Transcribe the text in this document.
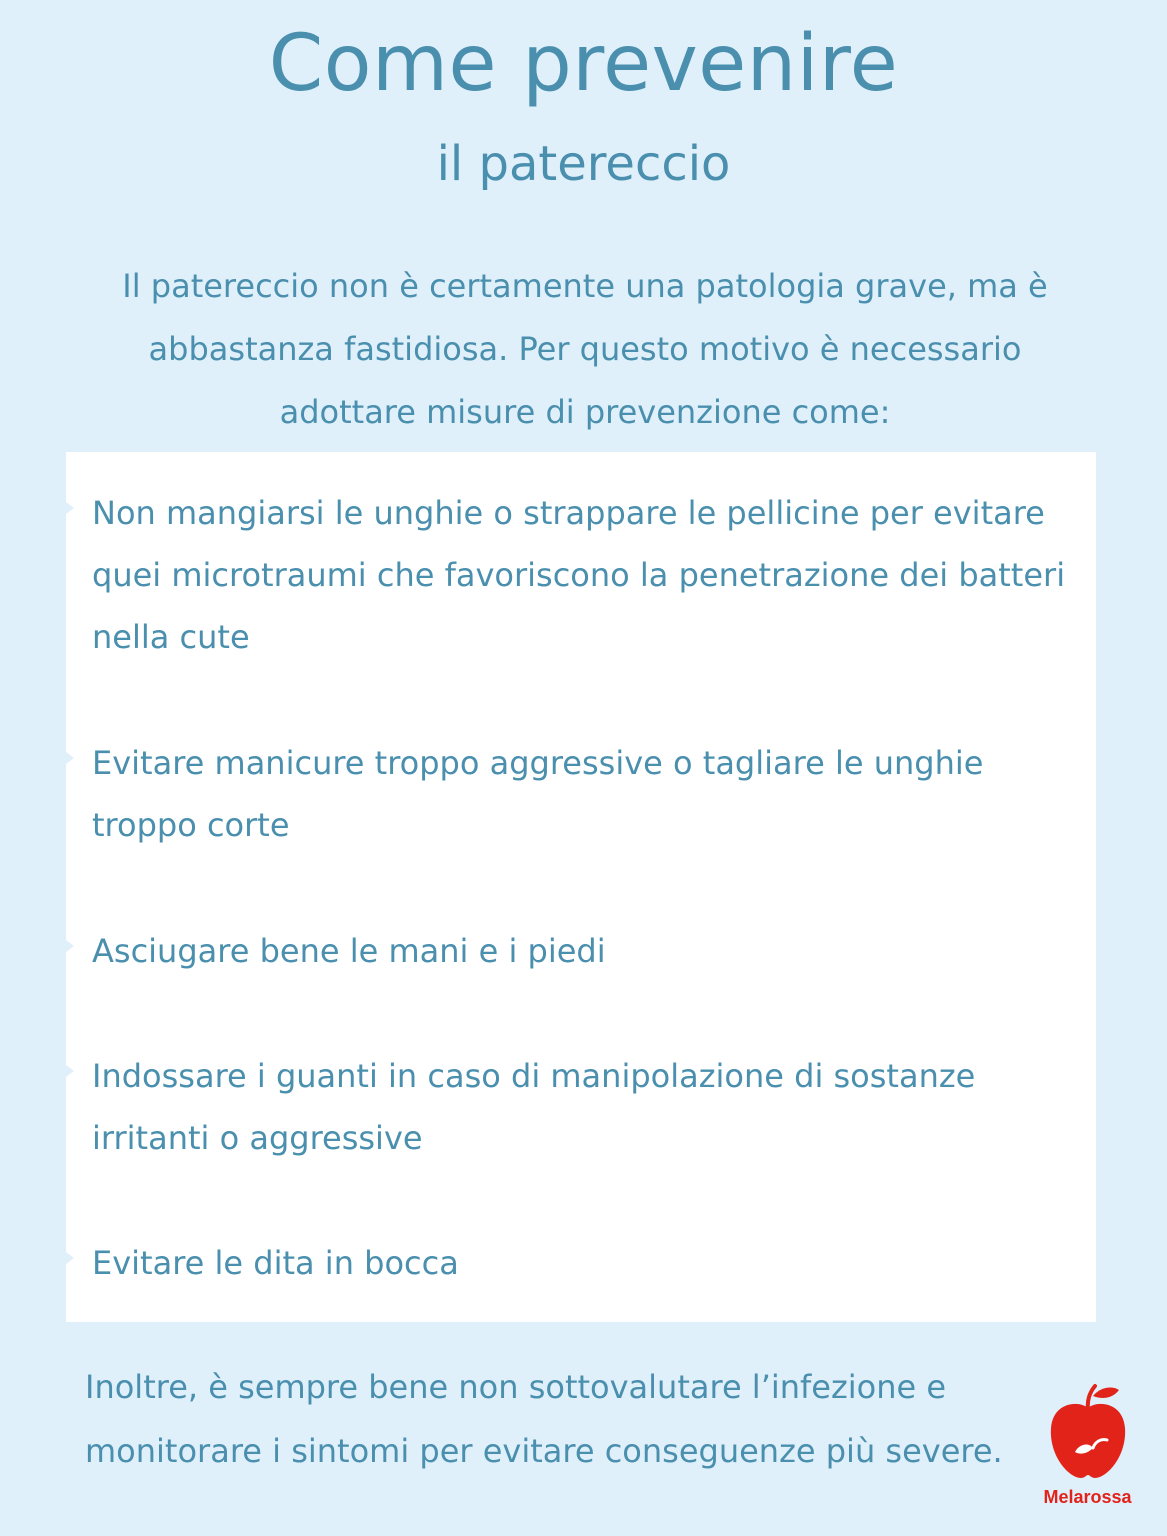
Come prevenire
il patereccio

Il patereccio non è certamente una patologia grave, ma è abbastanza fastidiosa. Per questo motivo è necessario adottare misure di prevenzione come:

Non mangiarsi le unghie o strappare le pellicine per evitare quei microtraumi che favoriscono la penetrazione dei batteri nella cute
Evitare manicure troppo aggressive o tagliare le unghie troppo corte
Asciugare bene le mani e i piedi
Indossare i guanti in caso di manipolazione di sostanze irritanti o aggressive
Evitare le dita in bocca

Inoltre, è sempre bene non sottovalutare l’infezione e monitorare i sintomi per evitare conseguenze più severe.

Melarossa
